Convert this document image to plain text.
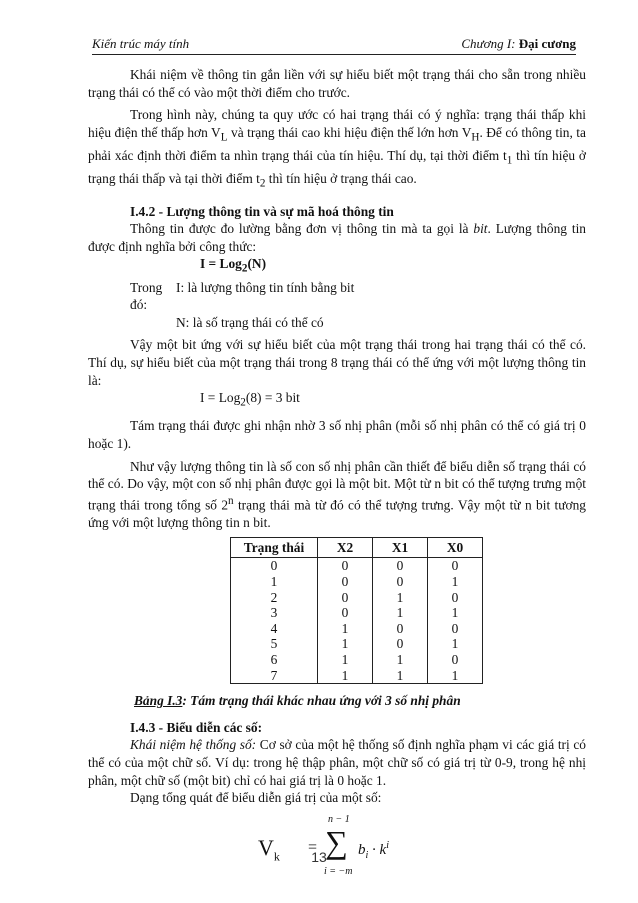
Kiến trúc máy tính	Chương I: Đại cương

Khái niệm về thông tin gắn liền với sự hiểu biết một trạng thái cho sẵn trong nhiều trạng thái có thể có vào một thời điểm cho trước.

Trong hình này, chúng ta quy ước có hai trạng thái có ý nghĩa: trạng thái thấp khi hiệu điện thế thấp hơn $V_L$ và trạng thái cao khi hiệu điện thế lớn hơn $V_H$. Để có thông tin, ta phải xác định thời điểm ta nhìn trạng thái của tín hiệu. Thí dụ, tại thời điểm $t_1$ thì tín hiệu ở trạng thái thấp và tại thời điểm $t_2$ thì tín hiệu ở trạng thái cao.

I.4.2 - Lượng thông tin và sự mã hoá thông tin

Thông tin được đo lường bằng đơn vị thông tin mà ta gọi là bit. Lượng thông tin được định nghĩa bởi công thức:

I = Log$_2$(N)
Trong đó:
I: là lượng thông tin tính bằng bit
N: là số trạng thái có thể có

Vậy một bit ứng với sự hiểu biết của một trạng thái trong hai trạng thái có thể có. Thí dụ, sự hiểu biết của một trạng thái trong 8 trạng thái có thể ứng với một lượng thông tin là:

I = Log$_2$(8) = 3 bit

Tám trạng thái được ghi nhận nhờ 3 số nhị phân (mỗi số nhị phân có thể có giá trị 0 hoặc 1).

Như vậy lượng thông tin là số con số nhị phân cần thiết để biểu diễn số trạng thái có thể có. Do vậy, một con số nhị phân được gọi là một bit. Một từ n bit có thể tượng trưng một trạng thái trong tổng số 2$^n$ trạng thái mà từ đó có thể tượng trưng. Vậy một từ n bit tương ứng với một lượng thông tin n bit.

Trạng thái	X2	X1	X0
0	0	0	0
1	0	0	1
2	0	1	0
3	0	1	1
4	1	0	0
5	1	0	1
6	1	1	0
7	1	1	1
Bảng I.3: Tám trạng thái khác nhau ứng với 3 số nhị phân
I.4.3 - Biểu diễn các số:

Khái niệm hệ thống số: Cơ sở của một hệ thống số định nghĩa phạm vi các giá trị có thể có của một chữ số. Ví dụ: trong hệ thập phân, một chữ số có giá trị từ 0-9, trong hệ nhị phân, một chữ số (một bit) chỉ có hai giá trị là 0 hoặc 1.

Dạng tổng quát để biểu diễn giá trị của một số:

$V_k$
=
n − 1
∑
i = −m
$b_i \cdot k^i$
13
